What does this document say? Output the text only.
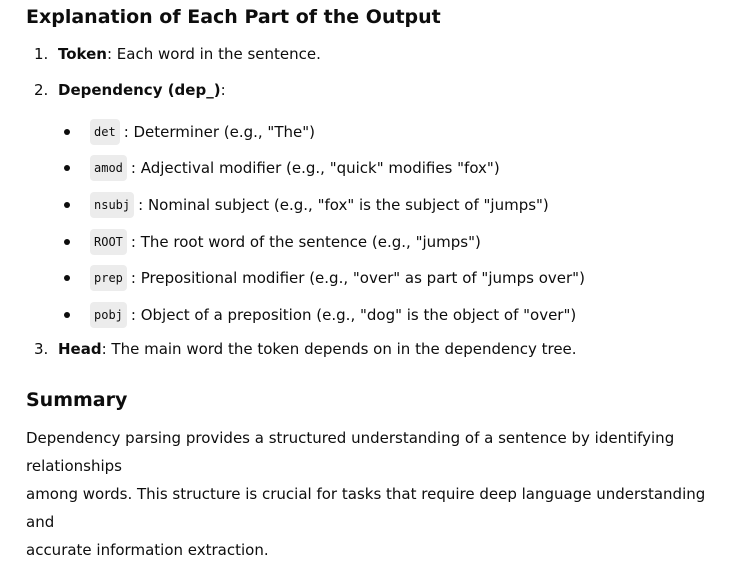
Explanation of Each Part of the Output
1. Token: Each word in the sentence.
2. Dependency (dep_):
det : Determiner (e.g., "The")
amod : Adjectival modifier (e.g., "quick" modifies "fox")
nsubj : Nominal subject (e.g., "fox" is the subject of "jumps")
ROOT : The root word of the sentence (e.g., "jumps")
prep : Prepositional modifier (e.g., "over" as part of "jumps over")
pobj : Object of a preposition (e.g., "dog" is the object of "over")
3. Head: The main word the token depends on in the dependency tree.
Summary
Dependency parsing provides a structured understanding of a sentence by identifying relationships
among words. This structure is crucial for tasks that require deep language understanding and
accurate information extraction.
